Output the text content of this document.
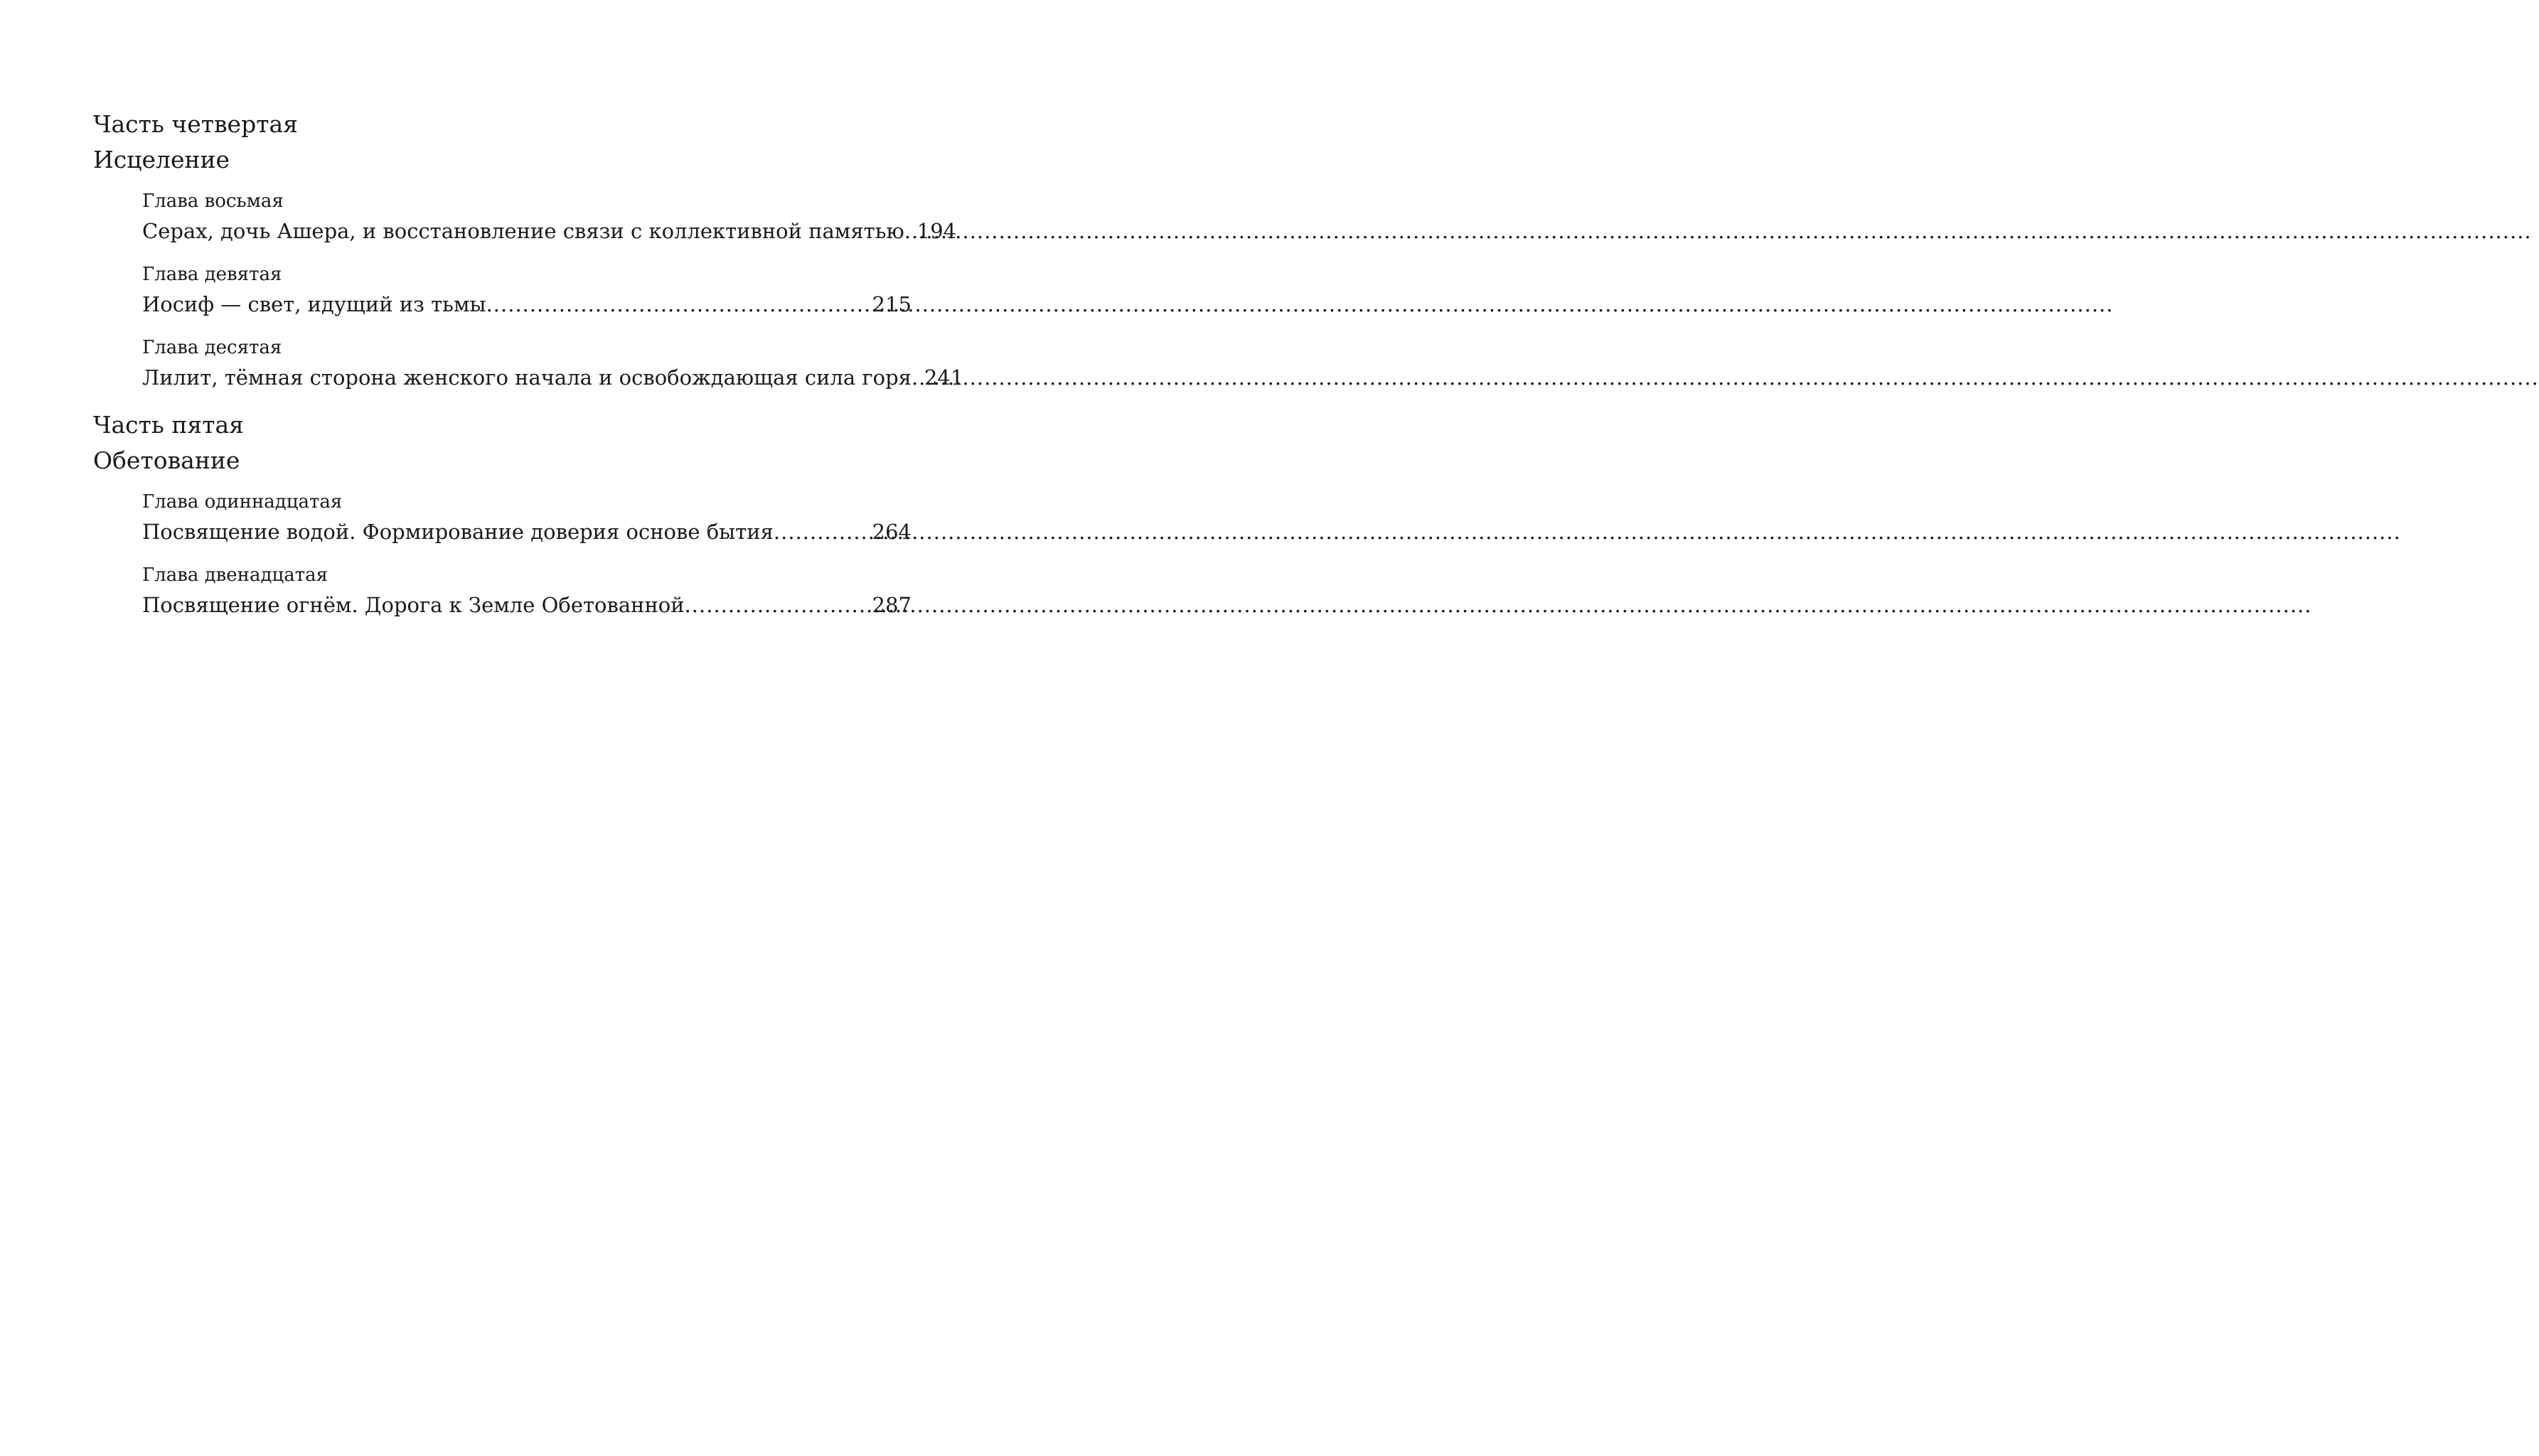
Часть четвертая
Исцеление
Глава восьмая
Серах, дочь Ашера, и восстановление связи с коллективной памятью ..... 194
Глава девятая
Иосиф — свет, идущий из тьмы .....	215
Глава десятая
Лилит, тёмная сторона женского начала и освобождающая сила горя ..... 241
Часть пятая
Обетование
Глава одиннадцатая
Посвящение водой. Формирование доверия основе бытия .....	264
Глава двенадцатая
Посвящение огнём. Дорога к Земле Обетованной .....	287
